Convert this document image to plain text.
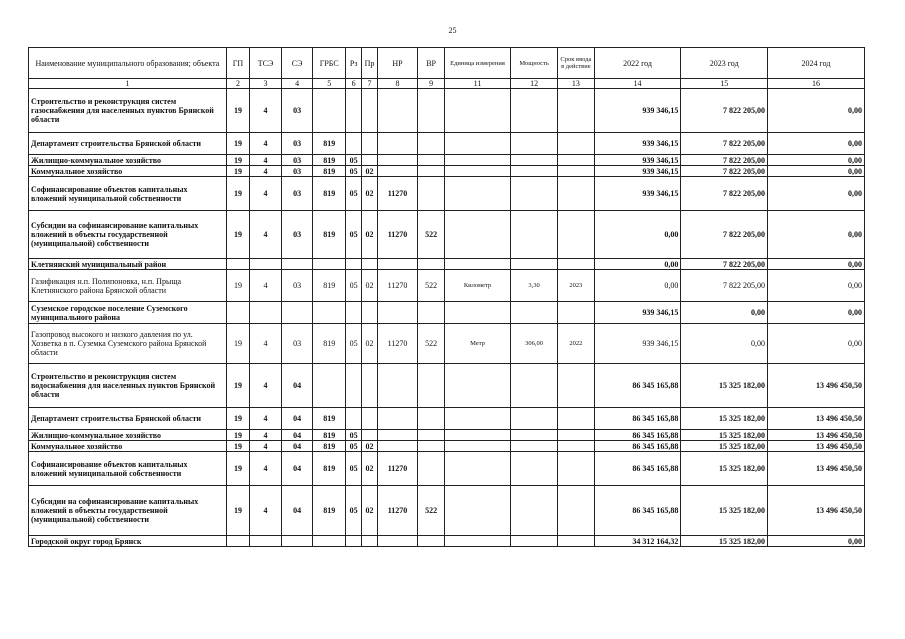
25
Наименование муниципального образования; объекта	ГП	ТСЭ	СЭ	ГРБС	Рз	Пр	НР	ВР	Единица измерения	Мощность	Срок ввода в действие	2022 год	2023 год	2024 год
1	2	3	4	5	6	7	8	9	11	12	13	14	15	16
Строительство и реконструкция систем газоснабжения для населенных пунктов Брянской области	19	4	03									939 346,15	7 822 205,00	0,00
Департамент строительства Брянской области	19	4	03	819								939 346,15	7 822 205,00	0,00
Жилищно-коммунальное хозяйство	19	4	03	819	05							939 346,15	7 822 205,00	0,00
Коммунальное хозяйство	19	4	03	819	05	02						939 346,15	7 822 205,00	0,00
Софинансирование объектов капитальных вложений муниципальной собственности	19	4	03	819	05	02	11270					939 346,15	7 822 205,00	0,00
Субсидии на софинансирование капитальных вложений в объекты государственной (муниципальной) собственности	19	4	03	819	05	02	11270	522				0,00	7 822 205,00	0,00
Клетнянский муниципальный район												0,00	7 822 205,00	0,00
Газификация н.п. Полипоновка, н.п. Прыща Клетнянского района Брянской области	19	4	03	819	05	02	11270	522	Километр	3,30	2023	0,00	7 822 205,00	0,00
Суземское городское поселение Суземского муниципального района												939 346,15	0,00	0,00
Газопровод высокого и низкого давления по ул. Хозветка в п. Суземка Суземского района Брянской области	19	4	03	819	05	02	11270	522	Метр	306,00	2022	939 346,15	0,00	0,00
Строительство и реконструкция систем водоснабжения для населенных пунктов Брянской области	19	4	04									86 345 165,88	15 325 182,00	13 496 450,50
Департамент строительства Брянской области	19	4	04	819								86 345 165,88	15 325 182,00	13 496 450,50
Жилищно-коммунальное хозяйство	19	4	04	819	05							86 345 165,88	15 325 182,00	13 496 450,50
Коммунальное хозяйство	19	4	04	819	05	02						86 345 165,88	15 325 182,00	13 496 450,50
Софинансирование объектов капитальных вложений муниципальной собственности	19	4	04	819	05	02	11270					86 345 165,88	15 325 182,00	13 496 450,50
Субсидии на софинансирование капитальных вложений в объекты государственной (муниципальной) собственности	19	4	04	819	05	02	11270	522				86 345 165,88	15 325 182,00	13 496 450,50
Городской округ город Брянск												34 312 164,32	15 325 182,00	0,00
